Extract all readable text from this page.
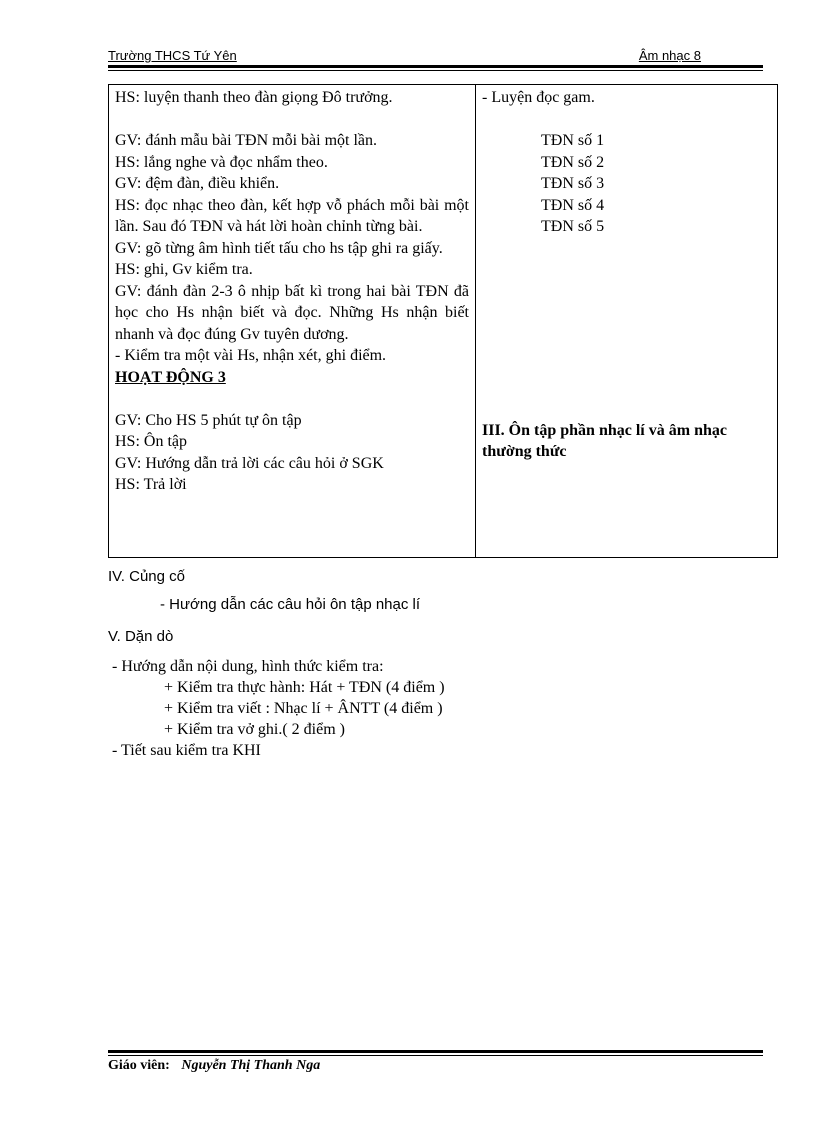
Trường THCS Tứ Yên	Âm nhạc 8
HS: luyện thanh theo đàn giọng Đô trưởng.
GV: đánh mẫu bài TĐN mỗi bài một lần.
HS: lắng nghe và đọc nhẩm theo.
GV: đệm đàn, điều khiển.
HS: đọc nhạc theo đàn, kết hợp vỗ phách mỗi bài một lần. Sau đó TĐN và hát lời hoàn chỉnh từng bài.
GV: gõ từng âm hình tiết tấu cho hs tập ghi ra giấy.
HS: ghi, Gv kiểm tra.
GV: đánh đàn 2-3 ô nhịp bất kì trong hai bài TĐN đã học cho Hs nhận biết và đọc. Những Hs nhận biết nhanh và đọc đúng Gv tuyên dương.
- Kiểm tra một vài Hs, nhận xét, ghi điểm.
HOẠT ĐỘNG 3
GV: Cho HS 5 phút tự ôn tập
HS: Ôn tập
GV: Hướng dẫn trả lời các câu hỏi ở SGK
HS: Trả lời

- Luyện đọc gam.
TĐN số 1
TĐN số 2
TĐN số 3
TĐN số 4
TĐN số 5
III. Ôn tập phần nhạc lí và âm nhạc thường thức
IV. Củng cố
- Hướng dẫn các câu hỏi ôn tập nhạc lí
V. Dặn dò
- Hướng dẫn nội dung, hình thức kiểm tra:
+ Kiểm tra thực hành: Hát + TĐN (4 điểm )
+ Kiểm tra viết : Nhạc lí + ÂNTT (4 điểm )
+ Kiểm tra vở ghi.( 2 điểm )
- Tiết sau kiểm tra KHI
Giáo viên: Nguyễn Thị Thanh Nga
